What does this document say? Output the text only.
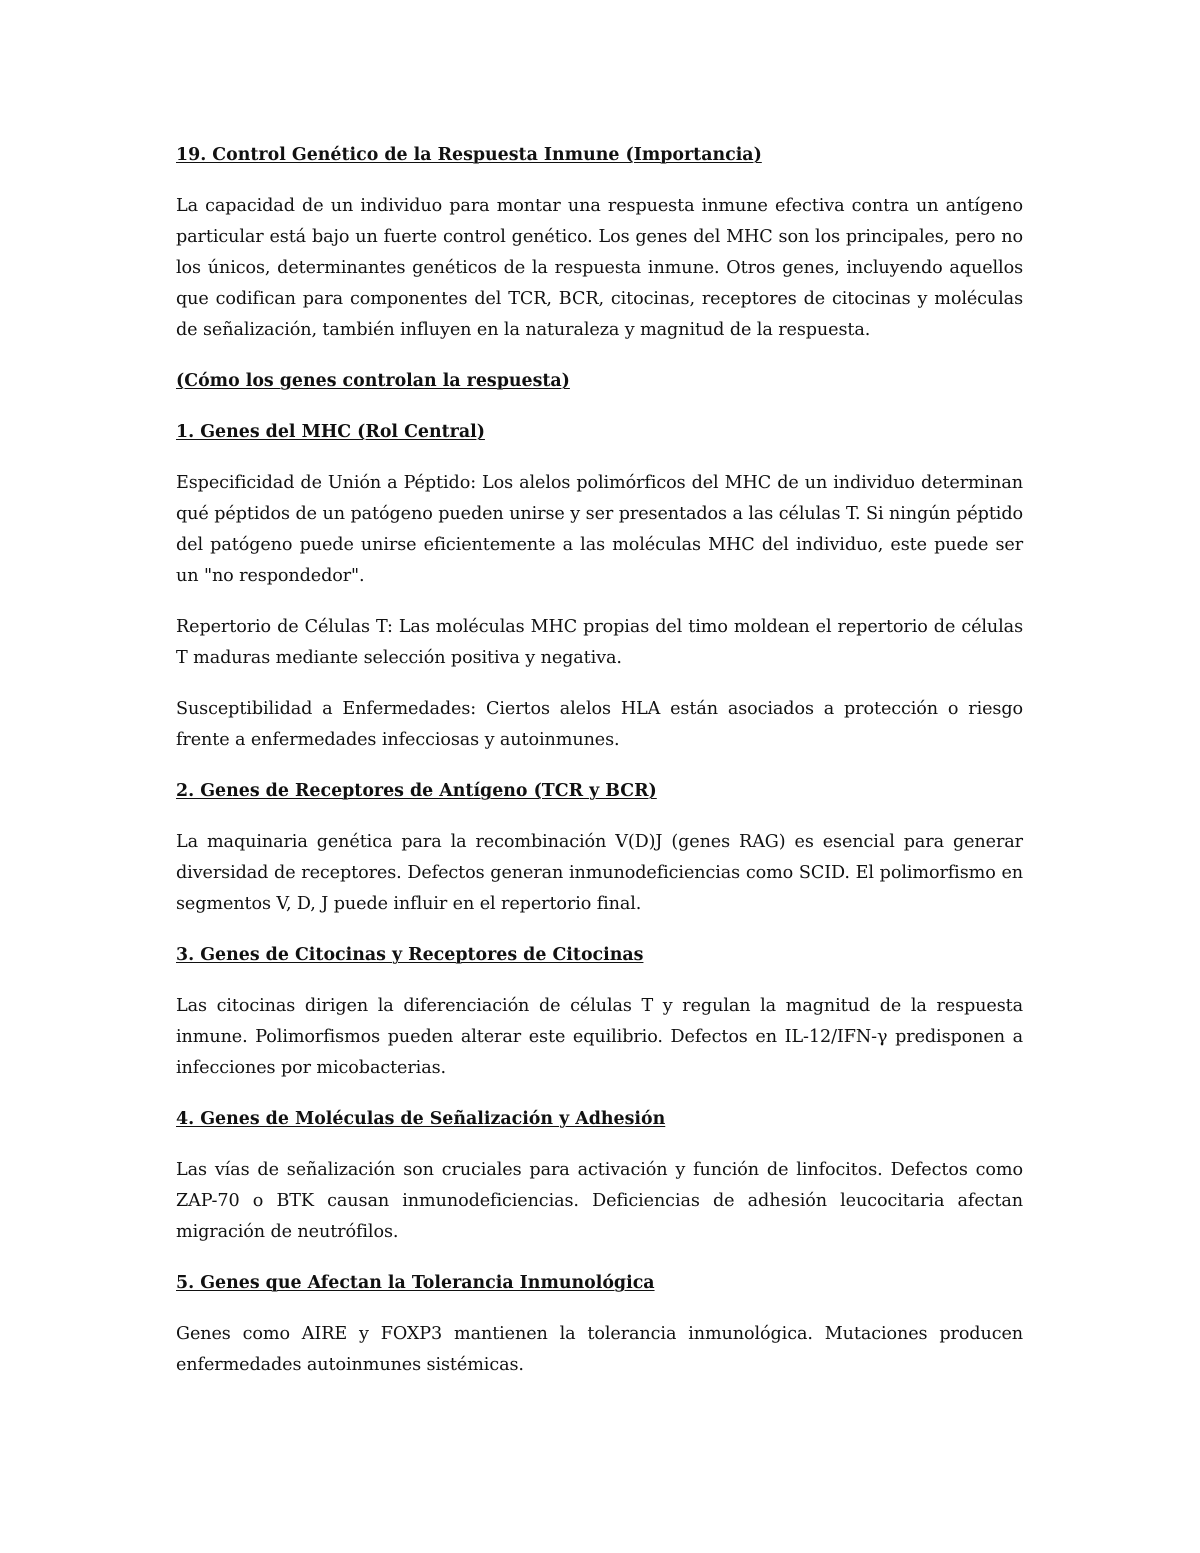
19. Control Genético de la Respuesta Inmune (Importancia)
La capacidad de un individuo para montar una respuesta inmune efectiva contra un antígeno particular está bajo un fuerte control genético. Los genes del MHC son los principales, pero no los únicos, determinantes genéticos de la respuesta inmune. Otros genes, incluyendo aquellos que codifican para componentes del TCR, BCR, citocinas, receptores de citocinas y moléculas de señalización, también influyen en la naturaleza y magnitud de la respuesta.
(Cómo los genes controlan la respuesta)
1. Genes del MHC (Rol Central)
Especificidad de Unión a Péptido: Los alelos polimórficos del MHC de un individuo determinan qué péptidos de un patógeno pueden unirse y ser presentados a las células T. Si ningún péptido del patógeno puede unirse eficientemente a las moléculas MHC del individuo, este puede ser un "no respondedor".
Repertorio de Células T: Las moléculas MHC propias del timo moldean el repertorio de células T maduras mediante selección positiva y negativa.
Susceptibilidad a Enfermedades: Ciertos alelos HLA están asociados a protección o riesgo frente a enfermedades infecciosas y autoinmunes.
2. Genes de Receptores de Antígeno (TCR y BCR)
La maquinaria genética para la recombinación V(D)J (genes RAG) es esencial para generar diversidad de receptores. Defectos generan inmunodeficiencias como SCID. El polimorfismo en segmentos V, D, J puede influir en el repertorio final.
3. Genes de Citocinas y Receptores de Citocinas
Las citocinas dirigen la diferenciación de células T y regulan la magnitud de la respuesta inmune. Polimorfismos pueden alterar este equilibrio. Defectos en IL-12/IFN-γ predisponen a infecciones por micobacterias.
4. Genes de Moléculas de Señalización y Adhesión
Las vías de señalización son cruciales para activación y función de linfocitos. Defectos como ZAP-70 o BTK causan inmunodeficiencias. Deficiencias de adhesión leucocitaria afectan migración de neutrófilos.
5. Genes que Afectan la Tolerancia Inmunológica
Genes como AIRE y FOXP3 mantienen la tolerancia inmunológica. Mutaciones producen enfermedades autoinmunes sistémicas.
